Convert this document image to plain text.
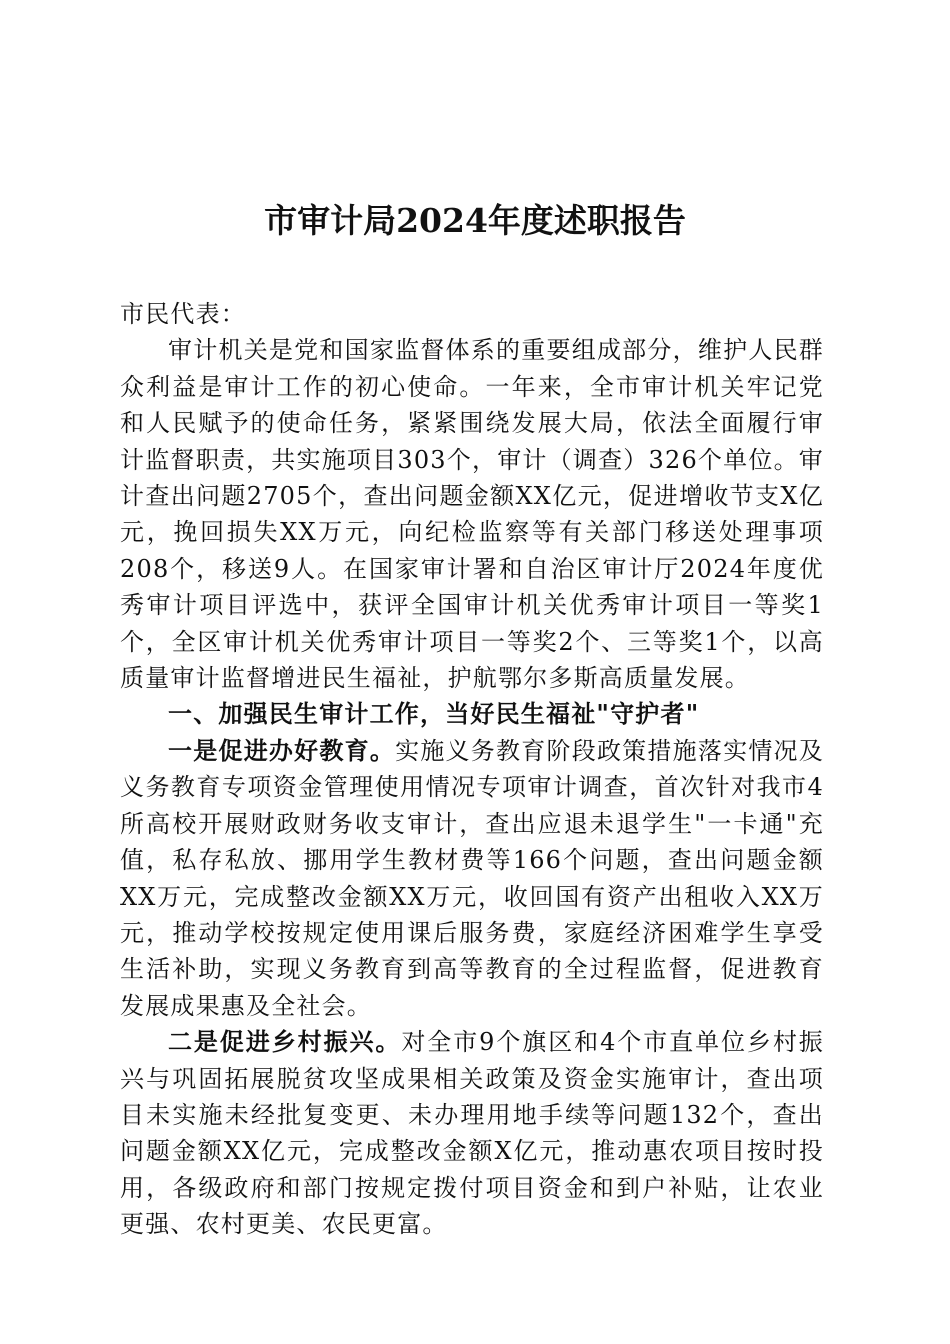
市审计局2024年度述职报告

市民代表：

审计机关是党和国家监督体系的重要组成部分，维护人民群众利益是审计工作的初心使命。一年来，全市审计机关牢记党和人民赋予的使命任务，紧紧围绕发展大局，依法全面履行审计监督职责，共实施项目303个，审计（调查）326个单位。审计查出问题2705个，查出问题金额XX亿元，促进增收节支X亿元，挽回损失XX万元，向纪检监察等有关部门移送处理事项208个，移送9人。在国家审计署和自治区审计厅2024年度优秀审计项目评选中，获评全国审计机关优秀审计项目一等奖1个，全区审计机关优秀审计项目一等奖2个、三等奖1个，以高质量审计监督增进民生福祉，护航鄂尔多斯高质量发展。

一、加强民生审计工作，当好民生福祉"守护者"

一是促进办好教育。实施义务教育阶段政策措施落实情况及义务教育专项资金管理使用情况专项审计调查，首次针对我市4所高校开展财政财务收支审计，查出应退未退学生"一卡通"充值，私存私放、挪用学生教材费等166个问题，查出问题金额XX万元，完成整改金额XX万元，收回国有资产出租收入XX万元，推动学校按规定使用课后服务费，家庭经济困难学生享受生活补助，实现义务教育到高等教育的全过程监督，促进教育发展成果惠及全社会。

二是促进乡村振兴。对全市9个旗区和4个市直单位乡村振兴与巩固拓展脱贫攻坚成果相关政策及资金实施审计，查出项目未实施未经批复变更、未办理用地手续等问题132个，查出问题金额XX亿元，完成整改金额X亿元，推动惠农项目按时投用，各级政府和部门按规定拨付项目资金和到户补贴，让农业更强、农村更美、农民更富。
